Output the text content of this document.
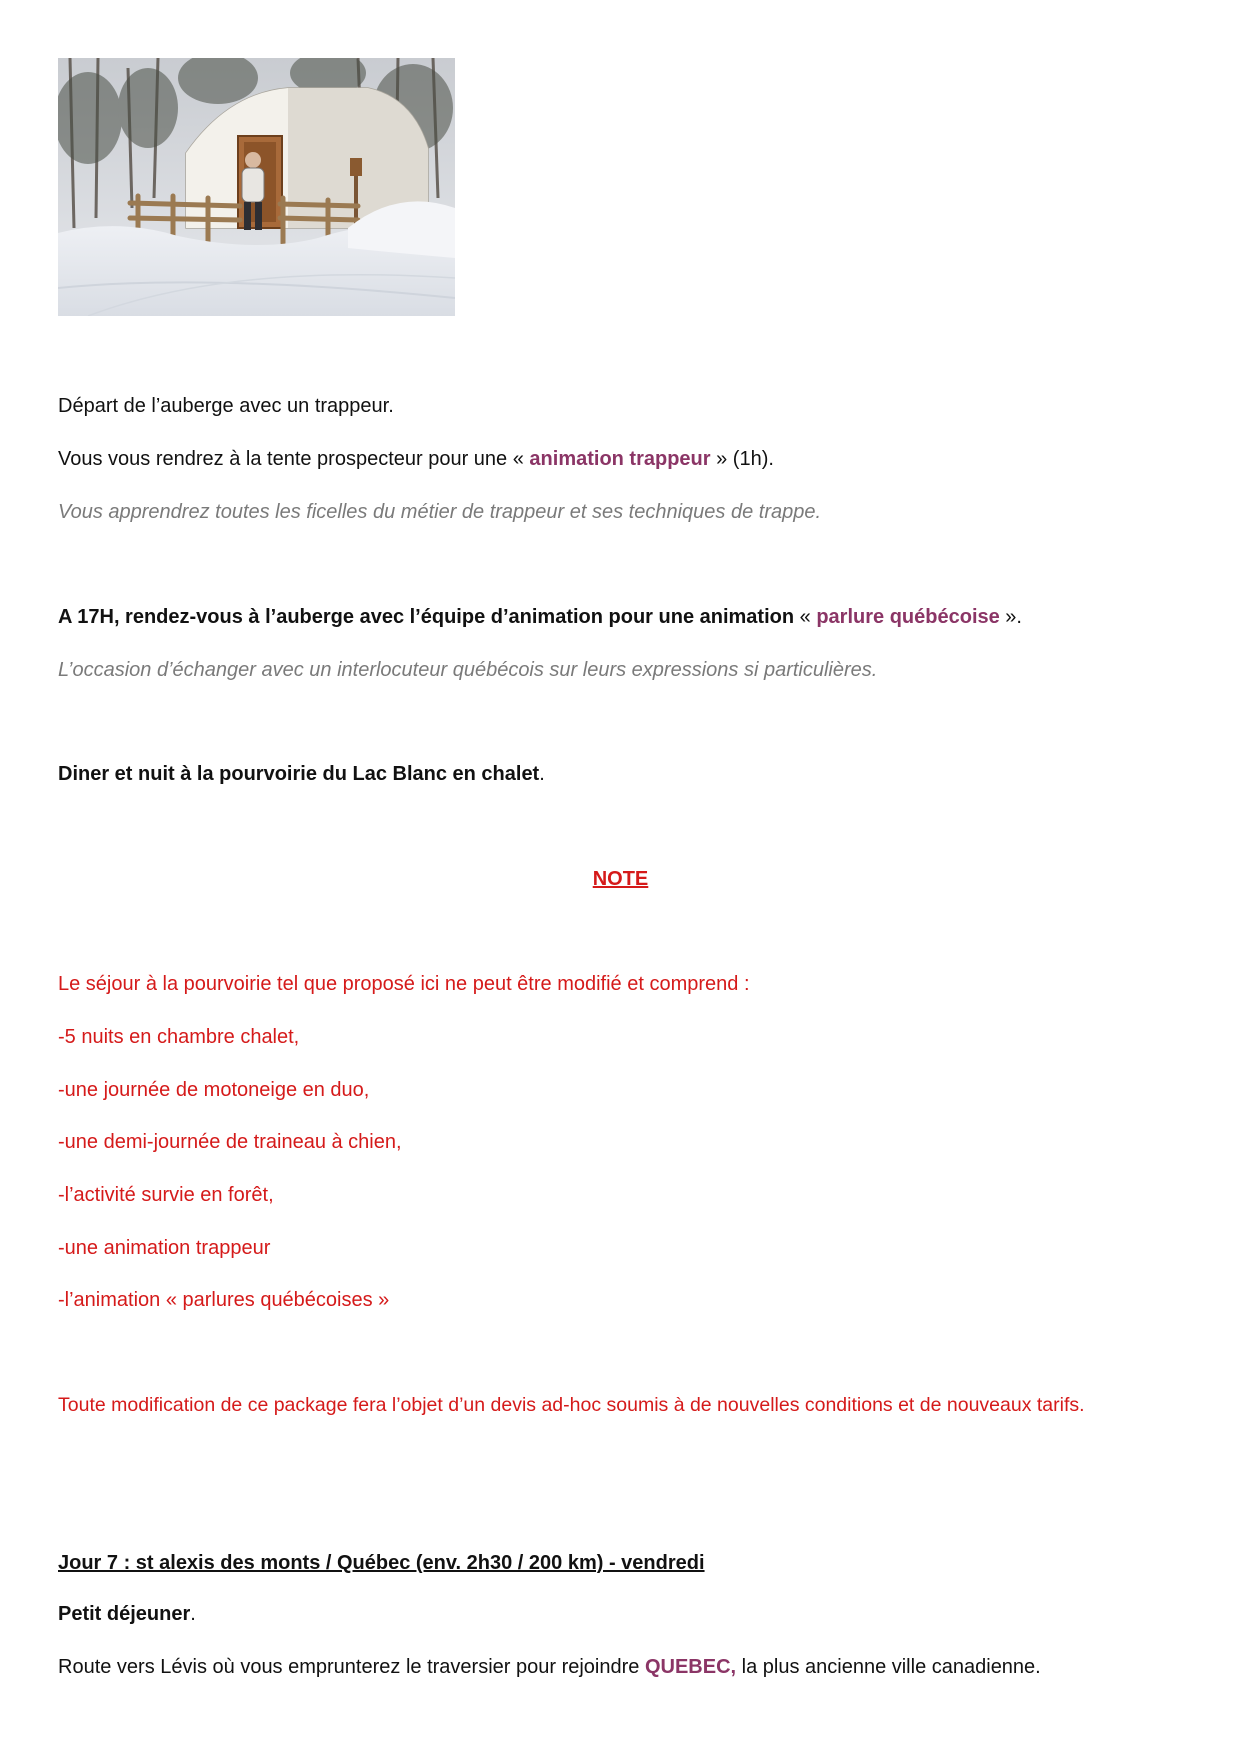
Départ de l’auberge avec un trappeur.
Vous vous rendrez à la tente prospecteur pour une « animation trappeur » (1h).
Vous apprendrez toutes les ficelles du métier de trappeur et ses techniques de trappe.
A 17H, rendez-vous à l’auberge avec l’équipe d’animation pour une animation « parlure québécoise ».
L’occasion d’échanger avec un interlocuteur québécois sur leurs expressions si particulières.
Diner et nuit à la pourvoirie du Lac Blanc en chalet.
NOTE
Le séjour à la pourvoirie tel que proposé ici ne peut être modifié et comprend :
-5 nuits en chambre chalet,
-une journée de motoneige en duo,
-une demi-journée de traineau à chien,
-l’activité survie en forêt,
-une animation trappeur
-l’animation « parlures québécoises »
Toute modification de ce package fera l’objet d’un devis ad-hoc soumis à de nouvelles conditions et de nouveaux tarifs.
Jour 7 : st alexis des monts / Québec (env. 2h30 / 200 km) - vendredi
Petit déjeuner.
Route vers Lévis où vous emprunterez le traversier pour rejoindre QUEBEC, la plus ancienne ville canadienne.
